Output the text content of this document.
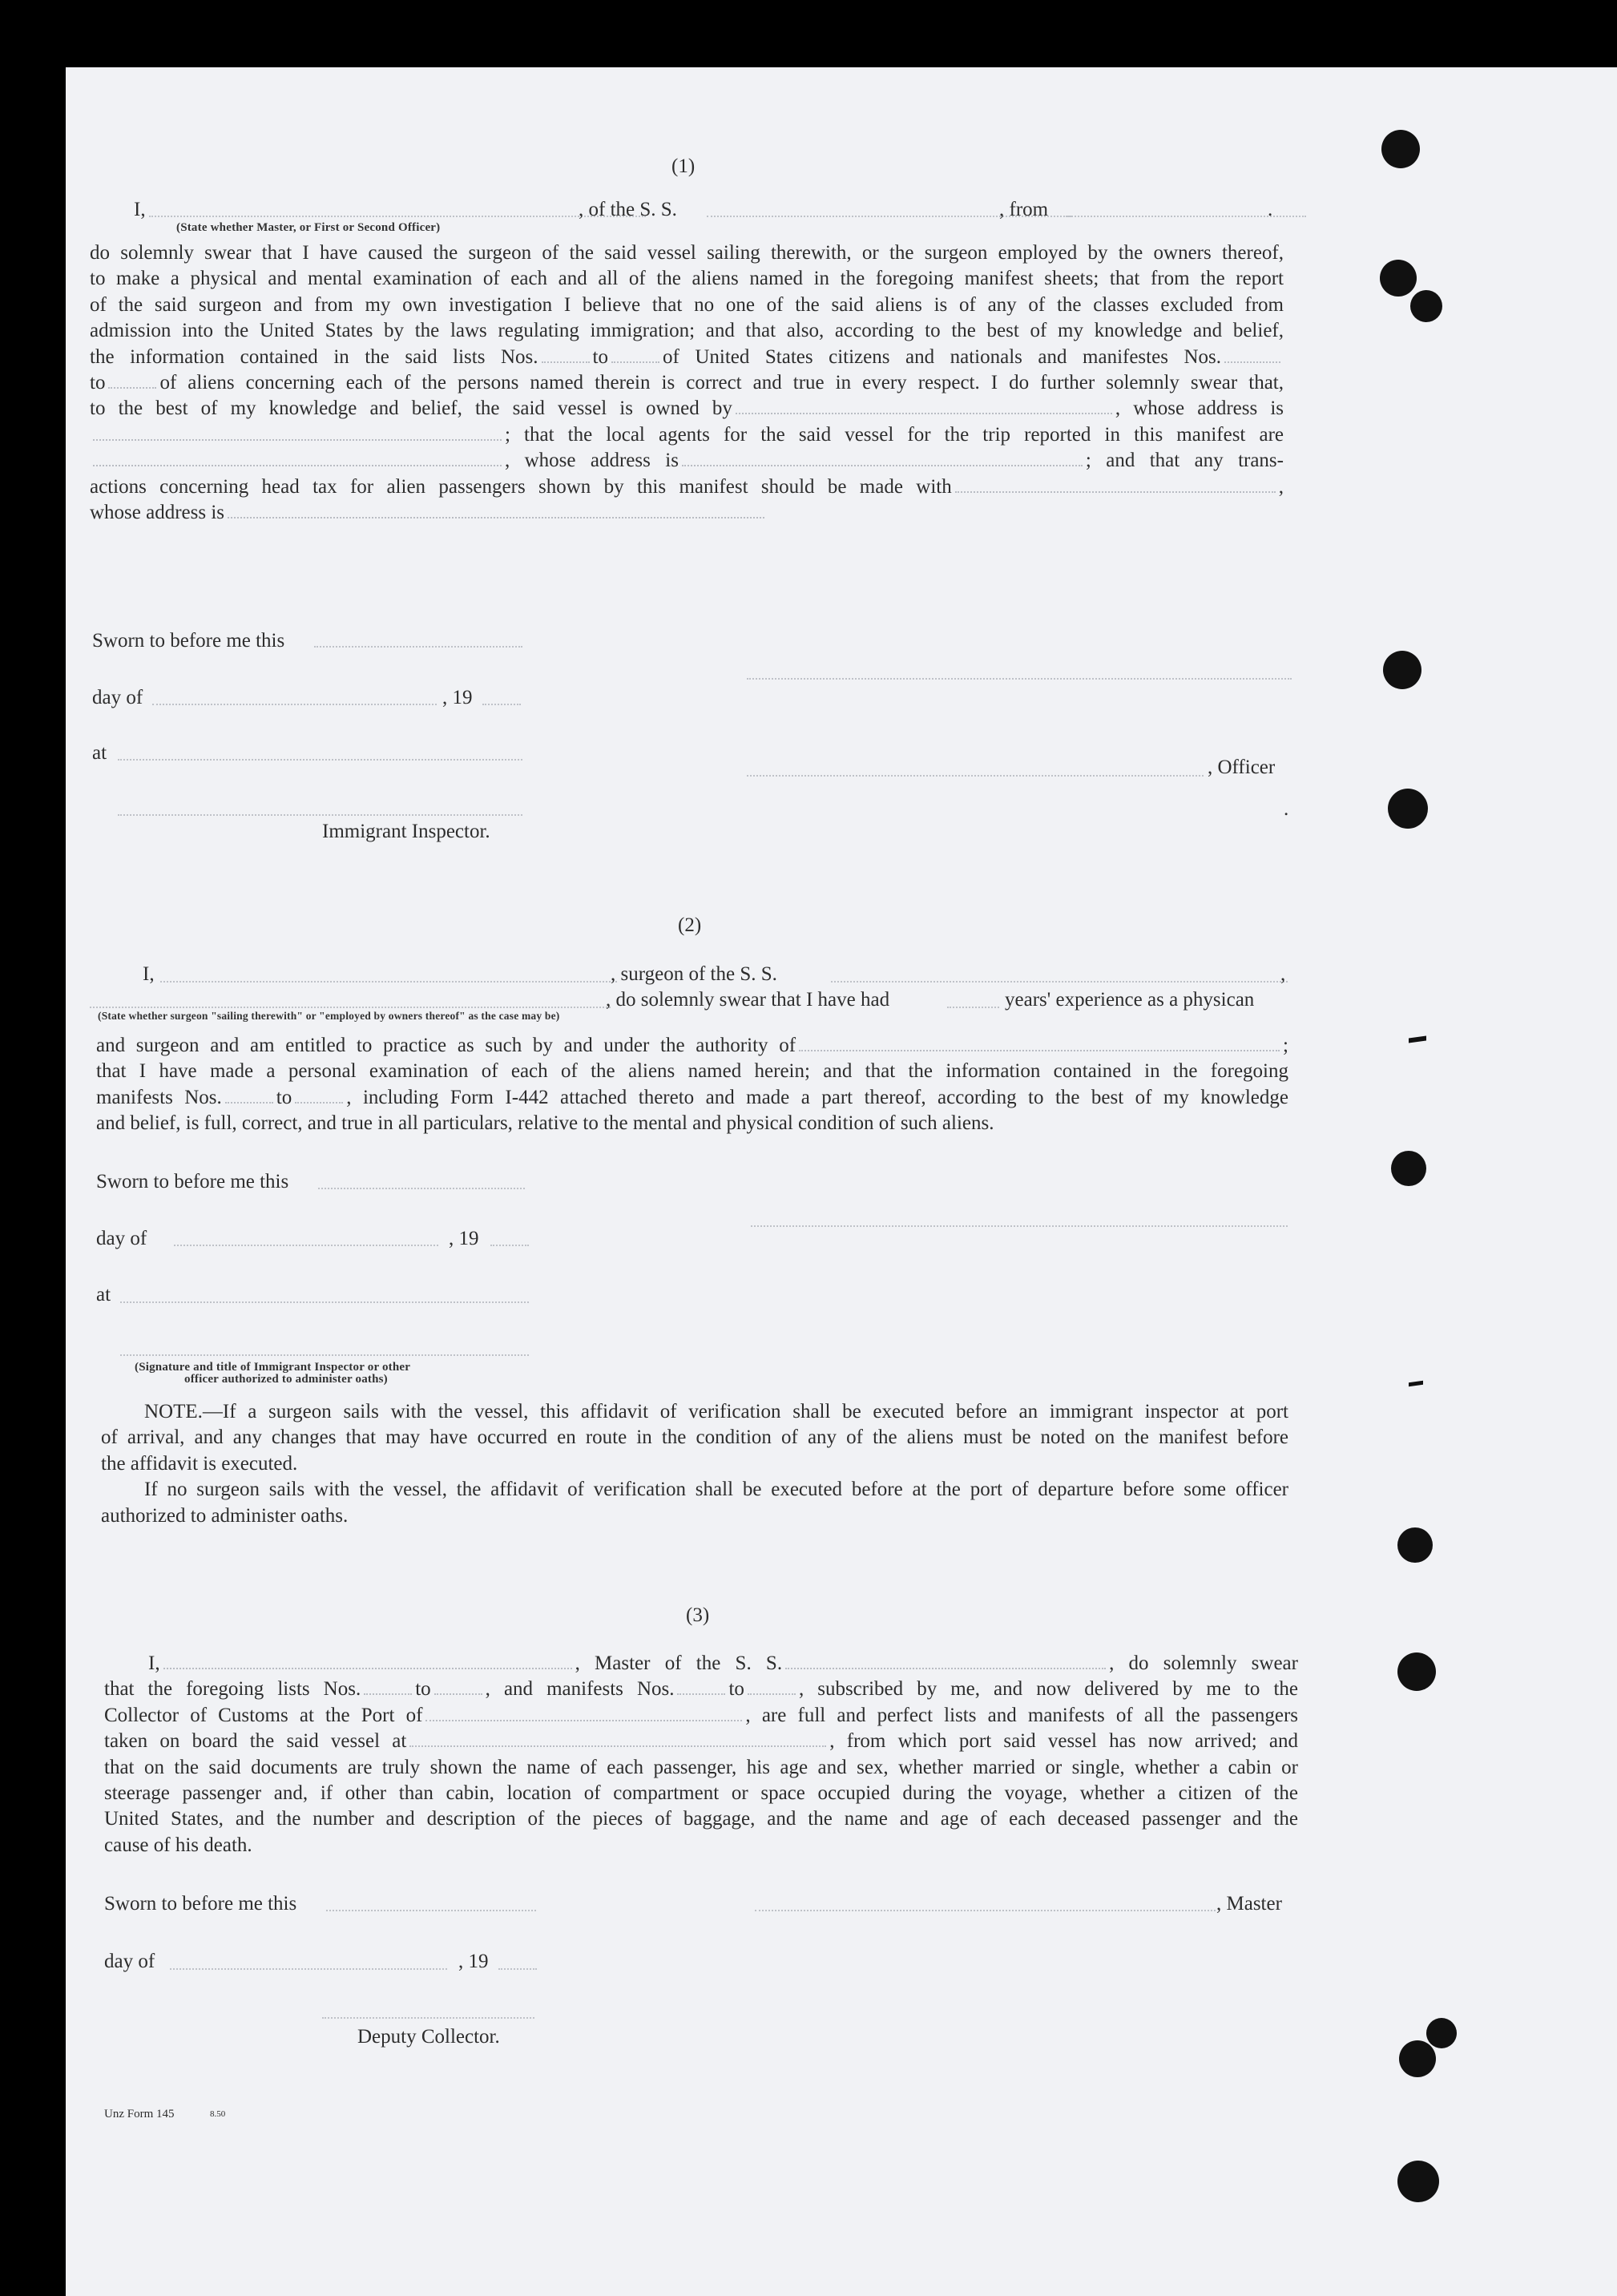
(1)
I,	, of the S. S.	, from	.
(State whether Master, or First or Second Officer)
do solemnly swear that I have caused the surgeon of the said vessel sailing therewith, or the surgeon employed by the owners thereof,
to make a physical and mental examination of each and all of the aliens named in the foregoing manifest sheets; that from the report
of the said surgeon and from my own investigation I believe that no one of the said aliens is of any of the classes excluded from
admission into the United States by the laws regulating immigration; and that also, according to the best of my knowledge and belief,
the information contained in the said lists Nos.	to	of United States citizens and nationals and manifestes Nos.
to	of aliens concerning each of the persons named therein is correct and true in every respect. I do further solemnly swear that,
to the best of my knowledge and belief, the said vessel is owned by	, whose address is
; that the local agents for the said vessel for the trip reported in this manifest are
, whose address is	; and that any trans-
actions concerning head tax for alien passengers shown by this manifest should be made with	,
whose address is
Sworn to before me this
day of	, 19
at
, Officer
.
Immigrant Inspector.
(2)
I,	, surgeon of the S. S.	,
, do solemnly swear that I have had	years' experience as a physican
(State whether surgeon "sailing therewith" or "employed by owners thereof" as the case may be)
and surgeon and am entitled to practice as such by and under the authority of	;
that I have made a personal examination of each of the aliens named herein; and that the information contained in the foregoing
manifests Nos.	to	, including Form I-442 attached thereto and made a part thereof, according to the best of my knowledge
and belief, is full, correct, and true in all particulars, relative to the mental and physical condition of such aliens.
Sworn to before me this
day of	, 19
at
(Signature and title of Immigrant Inspector or other
officer authorized to administer oaths)
NOTE.—If a surgeon sails with the vessel, this affidavit of verification shall be executed before an immigrant inspector at port
of arrival, and any changes that may have occurred en route in the condition of any of the aliens must be noted on the manifest before
the affidavit is executed.
If no surgeon sails with the vessel, the affidavit of verification shall be executed before at the port of departure before some officer
authorized to administer oaths.
(3)
I,	, Master of the S. S.	, do solemnly swear
that the foregoing lists Nos.	to	, and manifests Nos.	to	, subscribed by me, and now delivered by me to the
Collector of Customs at the Port of	, are full and perfect lists and manifests of all the passengers
taken on board the said vessel at	, from which port said vessel has now arrived; and
that on the said documents are truly shown the name of each passenger, his age and sex, whether married or single, whether a cabin or
steerage passenger and, if other than cabin, location of compartment or space occupied during the voyage, whether a citizen of the
United States, and the number and description of the pieces of baggage, and the name and age of each deceased passenger and the
cause of his death.
Sworn to before me this	, Master
day of	, 19
Deputy Collector.
Unz Form 145	8.50
